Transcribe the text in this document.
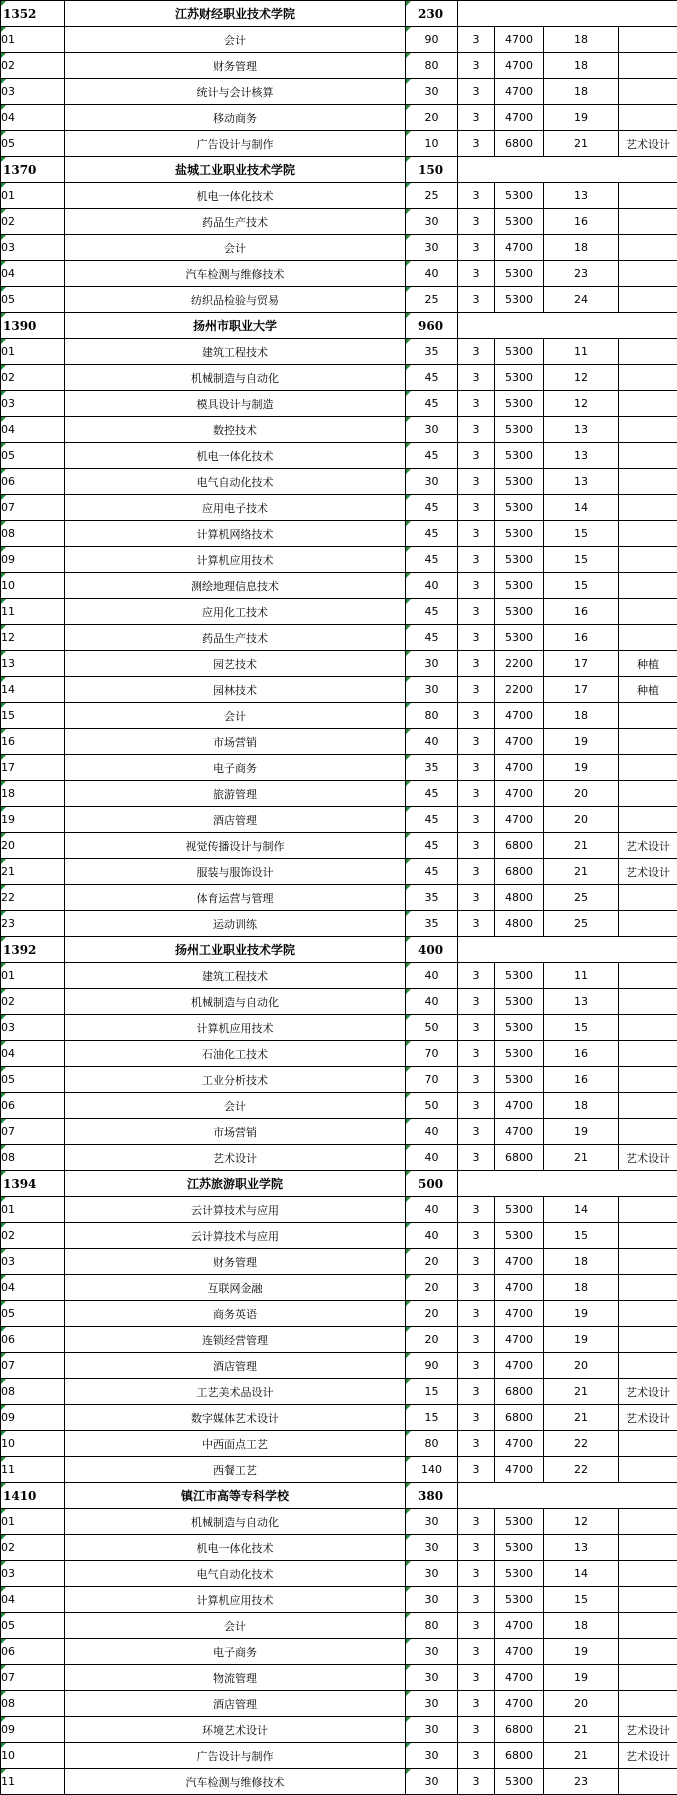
1352	江苏财经职业技术学院	230				

01	会计	90	3	4700	18	

02	财务管理	80	3	4700	18	

03	统计与会计核算	30	3	4700	18	

04	移动商务	20	3	4700	19	

05	广告设计与制作	10	3	6800	21	艺术设计

1370	盐城工业职业技术学院	150				

01	机电一体化技术	25	3	5300	13	

02	药品生产技术	30	3	5300	16	

03	会计	30	3	4700	18	

04	汽车检测与维修技术	40	3	5300	23	

05	纺织品检验与贸易	25	3	5300	24	

1390	扬州市职业大学	960				

01	建筑工程技术	35	3	5300	11	

02	机械制造与自动化	45	3	5300	12	

03	模具设计与制造	45	3	5300	12	

04	数控技术	30	3	5300	13	

05	机电一体化技术	45	3	5300	13	

06	电气自动化技术	30	3	5300	13	

07	应用电子技术	45	3	5300	14	

08	计算机网络技术	45	3	5300	15	

09	计算机应用技术	45	3	5300	15	

10	测绘地理信息技术	40	3	5300	15	

11	应用化工技术	45	3	5300	16	

12	药品生产技术	45	3	5300	16	

13	园艺技术	30	3	2200	17	种植

14	园林技术	30	3	2200	17	种植

15	会计	80	3	4700	18	

16	市场营销	40	3	4700	19	

17	电子商务	35	3	4700	19	

18	旅游管理	45	3	4700	20	

19	酒店管理	45	3	4700	20	

20	视觉传播设计与制作	45	3	6800	21	艺术设计

21	服装与服饰设计	45	3	6800	21	艺术设计

22	体育运营与管理	35	3	4800	25	

23	运动训练	35	3	4800	25	

1392	扬州工业职业技术学院	400				

01	建筑工程技术	40	3	5300	11	

02	机械制造与自动化	40	3	5300	13	

03	计算机应用技术	50	3	5300	15	

04	石油化工技术	70	3	5300	16	

05	工业分析技术	70	3	5300	16	

06	会计	50	3	4700	18	

07	市场营销	40	3	4700	19	

08	艺术设计	40	3	6800	21	艺术设计

1394	江苏旅游职业学院	500				

01	云计算技术与应用	40	3	5300	14	

02	云计算技术与应用	40	3	5300	15	

03	财务管理	20	3	4700	18	

04	互联网金融	20	3	4700	18	

05	商务英语	20	3	4700	19	

06	连锁经营管理	20	3	4700	19	

07	酒店管理	90	3	4700	20	

08	工艺美术品设计	15	3	6800	21	艺术设计

09	数字媒体艺术设计	15	3	6800	21	艺术设计

10	中西面点工艺	80	3	4700	22	

11	西餐工艺	140	3	4700	22	

1410	镇江市高等专科学校	380				

01	机械制造与自动化	30	3	5300	12	

02	机电一体化技术	30	3	5300	13	

03	电气自动化技术	30	3	5300	14	

04	计算机应用技术	30	3	5300	15	

05	会计	80	3	4700	18	

06	电子商务	30	3	4700	19	

07	物流管理	30	3	4700	19	

08	酒店管理	30	3	4700	20	

09	环境艺术设计	30	3	6800	21	艺术设计

10	广告设计与制作	30	3	6800	21	艺术设计

11	汽车检测与维修技术	30	3	5300	23	
